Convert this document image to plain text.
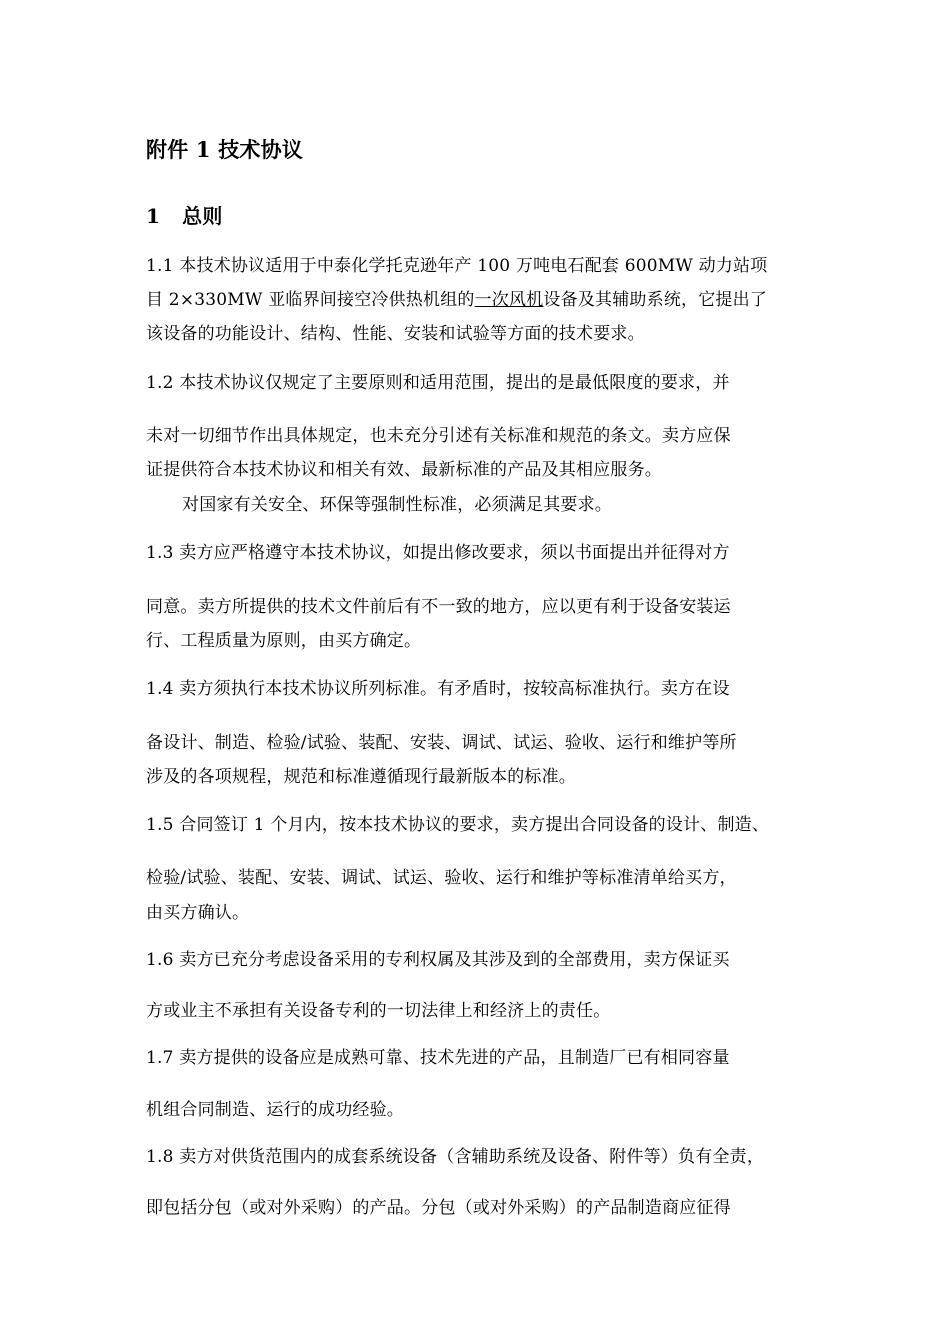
附件 1 技术协议
1 总则
1.1 本技术协议适用于中泰化学托克逊年产 100 万吨电石配套 600MW 动力站项
目 2×330MW 亚临界间接空冷供热机组的一次风机设备及其辅助系统，它提出了
该设备的功能设计、结构、性能、安装和试验等方面的技术要求。
1.2 本技术协议仅规定了主要原则和适用范围，提出的是最低限度的要求，并
未对一切细节作出具体规定，也未充分引述有关标准和规范的条文。卖方应保
证提供符合本技术协议和相关有效、最新标准的产品及其相应服务。
对国家有关安全、环保等强制性标准，必须满足其要求。
1.3 卖方应严格遵守本技术协议，如提出修改要求，须以书面提出并征得对方
同意。卖方所提供的技术文件前后有不一致的地方，应以更有利于设备安装运
行、工程质量为原则，由买方确定。
1.4 卖方须执行本技术协议所列标准。有矛盾时，按较高标准执行。卖方在设
备设计、制造、检验/试验、装配、安装、调试、试运、验收、运行和维护等所
涉及的各项规程，规范和标准遵循现行最新版本的标准。
1.5 合同签订 1 个月内，按本技术协议的要求，卖方提出合同设备的设计、制造、
检验/试验、装配、安装、调试、试运、验收、运行和维护等标准清单给买方，
由买方确认。
1.6 卖方已充分考虑设备采用的专利权属及其涉及到的全部费用，卖方保证买
方或业主不承担有关设备专利的一切法律上和经济上的责任。
1.7 卖方提供的设备应是成熟可靠、技术先进的产品，且制造厂已有相同容量
机组合同制造、运行的成功经验。
1.8 卖方对供货范围内的成套系统设备（含辅助系统及设备、附件等）负有全责，
即包括分包（或对外采购）的产品。分包（或对外采购）的产品制造商应征得
